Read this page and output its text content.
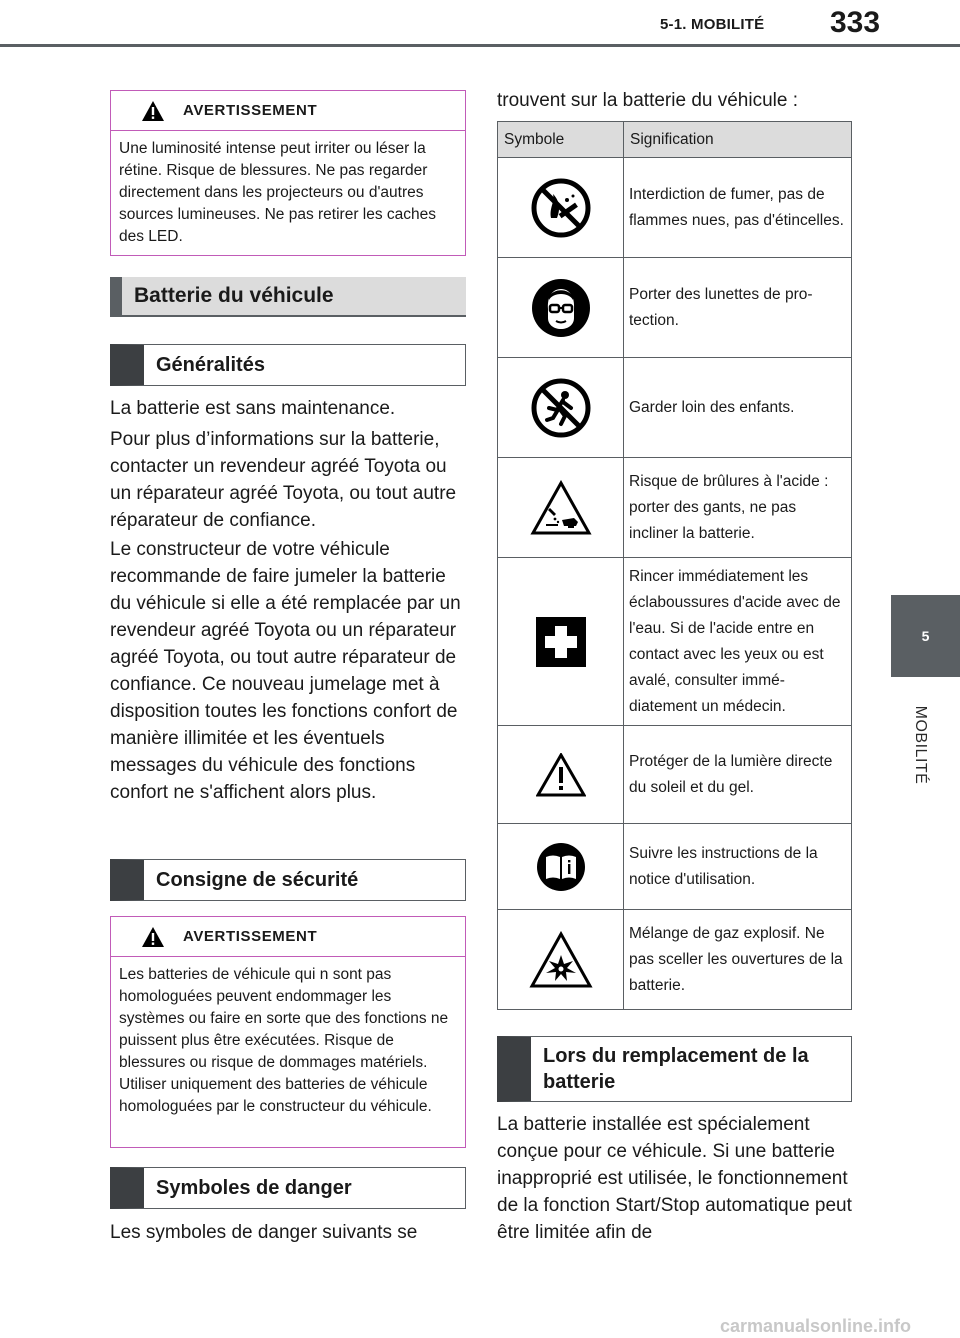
5-1. MOBILITÉ 333
5
MOBILITÉ
AVERTISSEMENT
Une luminosité intense peut irriter ou léser la rétine. Risque de blessures. Ne pas regarder directement dans les projecteurs ou d'autres sources lumineuses. Ne pas retirer les caches des LED.
Batterie du véhicule
Généralités
La batterie est sans maintenance.
Pour plus d’informations sur la batterie, contacter un revendeur agréé Toyota ou un réparateur agréé Toyota, ou tout autre réparateur de confiance.
Le constructeur de votre véhicule recommande de faire jumeler la batterie du véhicule si elle a été remplacée par un revendeur agréé Toyota ou un réparateur agréé Toyota, ou tout autre réparateur de confiance. Ce nouveau jumelage met à disposition toutes les fonctions confort de manière illimitée et les éventuels messages du véhicule des fonctions confort ne s'affichent alors plus.
Consigne de sécurité
AVERTISSEMENT
Les batteries de véhicule qui n sont pas homologuées peuvent endommager les systèmes ou faire en sorte que des fonctions ne puissent plus être exécutées. Risque de blessures ou risque de dommages matériels. Utiliser uniquement des batteries de véhicule homologuées par le constructeur du véhicule.
Symboles de danger
Les symboles de danger suivants se
trouvent sur la batterie du véhicule :
Symbole	Signification

	Interdiction de fumer, pas de flammes nues, pas d'étincelles.

	Porter des lunettes de protection.

	Garder loin des enfants.

	Risque de brûlures à l'acide : porter des gants, ne pas incliner la batterie.

	Rincer immédiatement les éclaboussures d'acide avec de l'eau. Si de l'acide entre en contact avec les yeux ou est avalé, consulter immédiatement un médecin.

	Protéger de la lumière directe du soleil et du gel.

	Suivre les instructions de la notice d'utilisation.

	Mélange de gaz explosif. Ne pas sceller les ouvertures de la batterie.
Lors du remplacement de la batterie
La batterie installée est spécialement conçue pour ce véhicule. Si une batterie inapproprié est utilisée, le fonctionnement de la fonction Start/Stop automatique peut être limitée afin de
carmanualsonline.info
